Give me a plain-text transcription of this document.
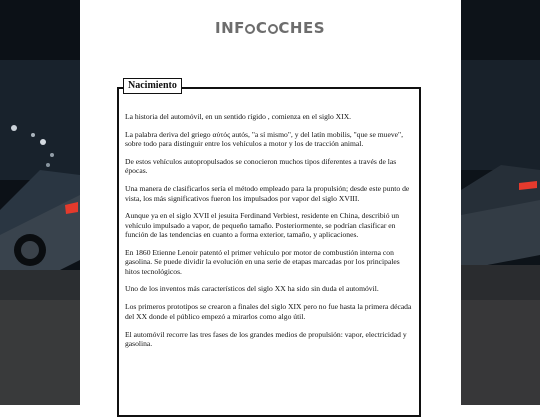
INF C CHES
Nacimiento

La historia del automóvil, en un sentido rígido , comienza en el siglo XIX.

La palabra deriva del griego αὐτός autós, "a sí mismo", y del latín mobilis, "que se mueve", sobre todo para distinguir entre los vehículos a motor y los de tracción animal.

De estos vehículos autopropulsados se conocieron muchos tipos diferentes a través de las épocas.

Una manera de clasificarlos sería el método empleado para la propulsión; desde este punto de vista, los más significativos fueron los impulsados por vapor del siglo XVIII.

Aunque ya en el siglo XVII el jesuita Ferdinand Verbiest, residente en China, describió un vehículo impulsado a vapor, de pequeño tamaño. Posteriormente, se podrían clasificar en función de las tendencias en cuanto a forma exterior, tamaño, y aplicaciones.

En 1860 Etienne Lenoir patentó el primer vehículo por motor de combustión interna con gasolina. Se puede dividir la evolución en una serie de etapas marcadas por los principales hitos tecnológicos.

Uno de los inventos más característicos del siglo XX ha sido sin duda el automóvil.

Los primeros prototipos se crearon a finales del siglo XIX pero no fue hasta la primera década del XX donde el público empezó a mirarlos como algo útil.

El automóvil recorre las tres fases de los grandes medios de propulsión: vapor, electricidad y gasolina.
